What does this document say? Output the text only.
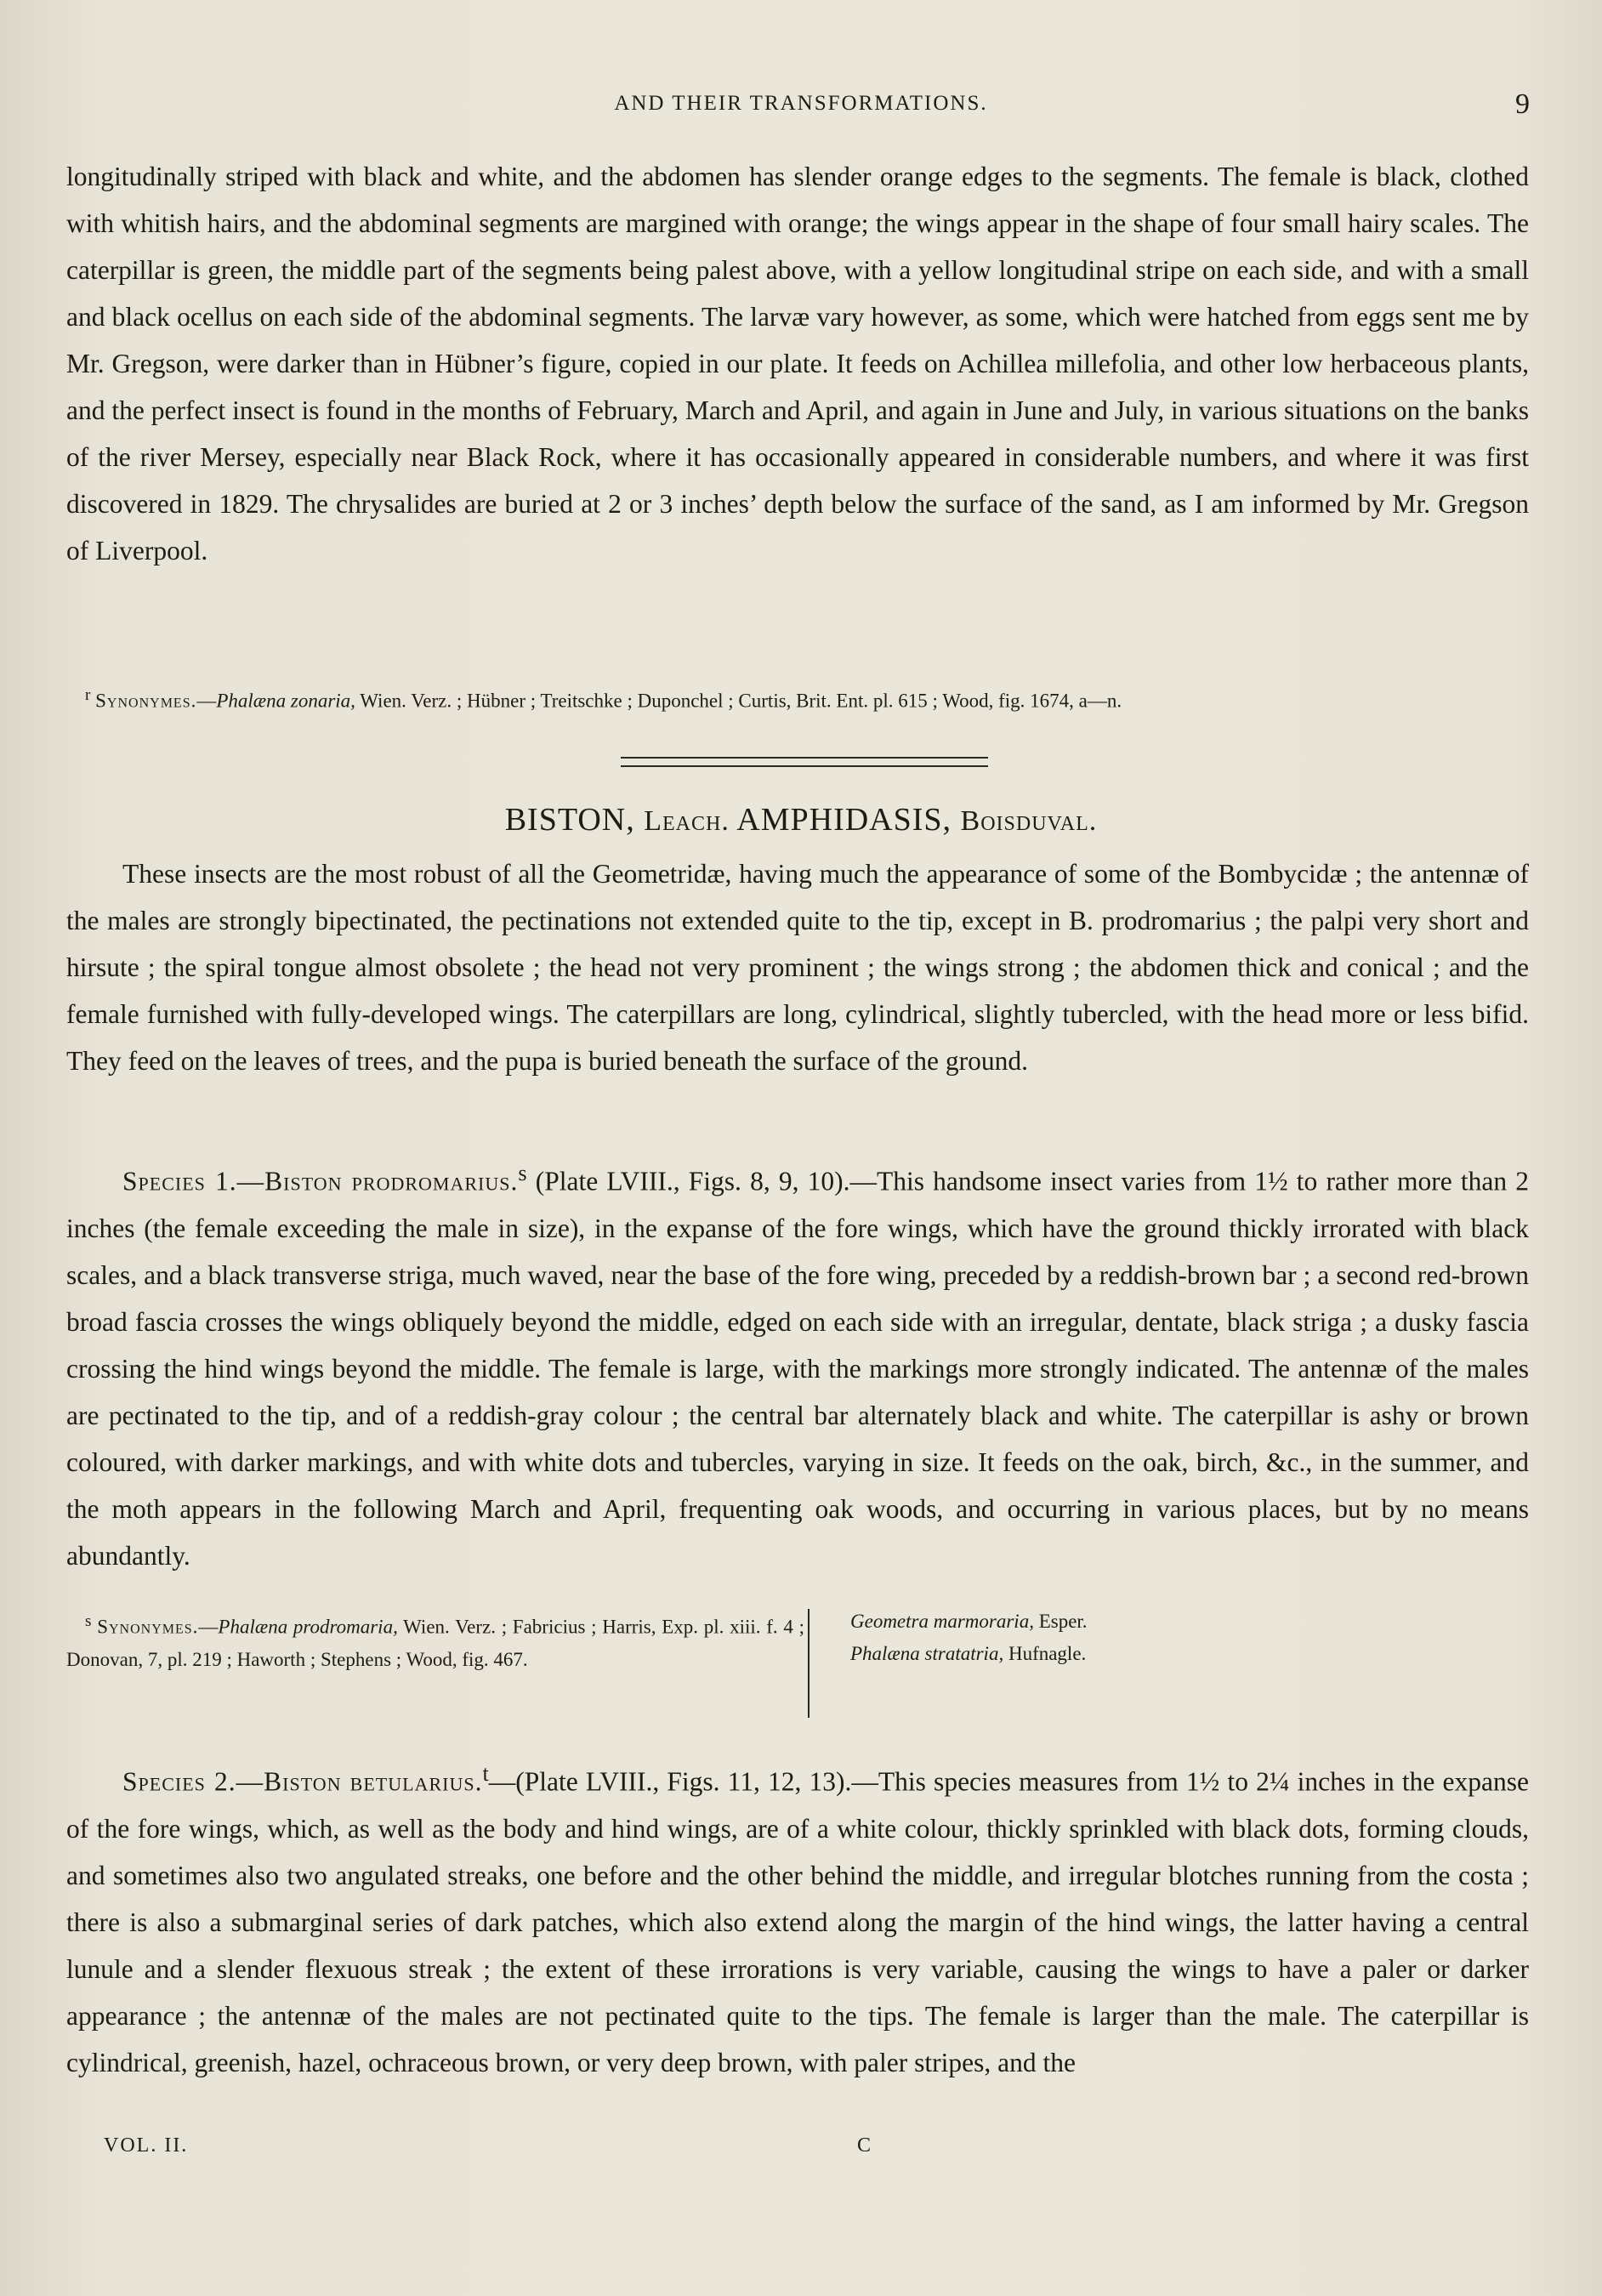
AND THEIR TRANSFORMATIONS.	9

longitudinally striped with black and white, and the abdomen has slender orange edges to the segments. The female is black, clothed with whitish hairs, and the abdominal segments are margined with orange; the wings appear in the shape of four small hairy scales. The caterpillar is green, the middle part of the segments being palest above, with a yellow longitudinal stripe on each side, and with a small and black ocellus on each side of the abdominal segments. The larvæ vary however, as some, which were hatched from eggs sent me by Mr. Gregson, were darker than in Hübner’s figure, copied in our plate. It feeds on Achillea millefolia, and other low herbaceous plants, and the perfect insect is found in the months of February, March and April, and again in June and July, in various situations on the banks of the river Mersey, especially near Black Rock, where it has occasionally appeared in considerable numbers, and where it was first discovered in 1829. The chrysalides are buried at 2 or 3 inches’ depth below the surface of the sand, as I am informed by Mr. Gregson of Liverpool.

$^r$ Synonymes.—Phalæna zonaria, Wien. Verz. ; Hübner ; Treitschke ; Duponchel ; Curtis, Brit. Ent. pl. 615 ; Wood, fig. 1674, a—n.
BISTON, Leach. AMPHIDASIS, Boisduval.

These insects are the most robust of all the Geometridæ, having much the appearance of some of the Bombycidæ ; the antennæ of the males are strongly bipectinated, the pectinations not extended quite to the tip, except in B. prodromarius ; the palpi very short and hirsute ; the spiral tongue almost obsolete ; the head not very prominent ; the wings strong ; the abdomen thick and conical ; and the female furnished with fully-developed wings. The caterpillars are long, cylindrical, slightly tubercled, with the head more or less bifid. They feed on the leaves of trees, and the pupa is buried beneath the surface of the ground.

Species 1.—Biston prodromarius.$^s$ (Plate LVIII., Figs. 8, 9, 10).—This handsome insect varies from 1½ to rather more than 2 inches (the female exceeding the male in size), in the expanse of the fore wings, which have the ground thickly irrorated with black scales, and a black transverse striga, much waved, near the base of the fore wing, preceded by a reddish-brown bar ; a second red-brown broad fascia crosses the wings obliquely beyond the middle, edged on each side with an irregular, dentate, black striga ; a dusky fascia crossing the hind wings beyond the middle. The female is large, with the markings more strongly indicated. The antennæ of the males are pectinated to the tip, and of a reddish-gray colour ; the central bar alternately black and white. The caterpillar is ashy or brown coloured, with darker markings, and with white dots and tubercles, varying in size. It feeds on the oak, birch, &c., in the summer, and the moth appears in the following March and April, frequenting oak woods, and occurring in various places, but by no means abundantly.

$^s$ Synonymes.—Phalæna prodromaria, Wien. Verz. ; Fabricius ; Harris, Exp. pl. xiii. f. 4 ; Donovan, 7, pl. 219 ; Haworth ; Stephens ; Wood, fig. 467.
Geometra marmoraria, Esper.
Phalæna stratatria, Hufnagle.

Species 2.—Biston betularius.$^t$—(Plate LVIII., Figs. 11, 12, 13).—This species measures from 1½ to 2¼ inches in the expanse of the fore wings, which, as well as the body and hind wings, are of a white colour, thickly sprinkled with black dots, forming clouds, and sometimes also two angulated streaks, one before and the other behind the middle, and irregular blotches running from the costa ; there is also a submarginal series of dark patches, which also extend along the margin of the hind wings, the latter having a central lunule and a slender flexuous streak ; the extent of these irrorations is very variable, causing the wings to have a paler or darker appearance ; the antennæ of the males are not pectinated quite to the tips. The female is larger than the male. The caterpillar is cylindrical, greenish, hazel, ochraceous brown, or very deep brown, with paler stripes, and the

VOL. II.	C
